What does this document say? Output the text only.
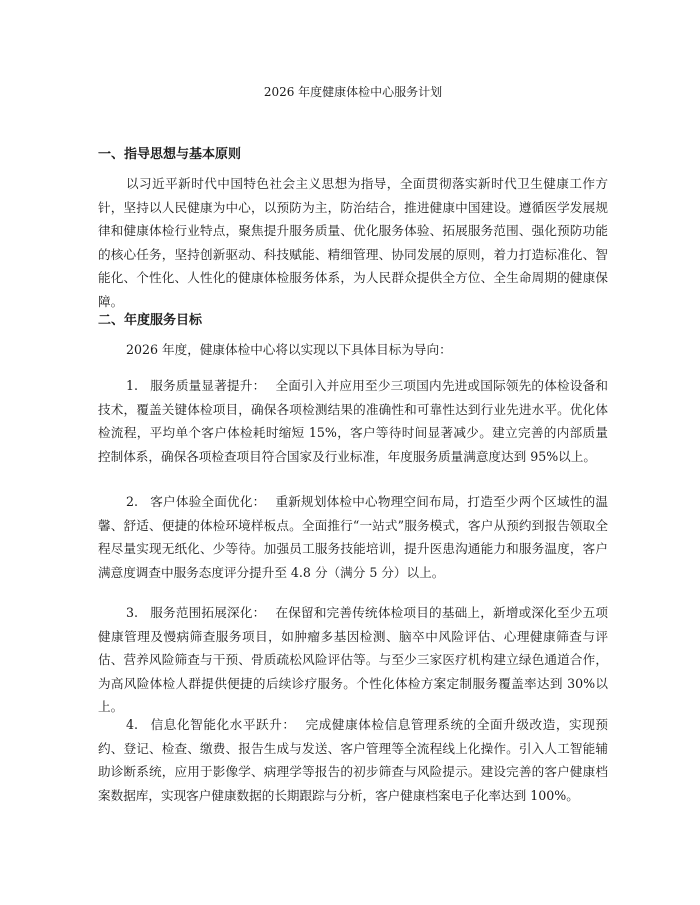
2026 年度健康体检中心服务计划
一、指导思想与基本原则

以习近平新时代中国特色社会主义思想为指导，全面贯彻落实新时代卫生健康工作方针，坚持以人民健康为中心，以预防为主，防治结合，推进健康中国建设。遵循医学发展规律和健康体检行业特点，聚焦提升服务质量、优化服务体验、拓展服务范围、强化预防功能的核心任务，坚持创新驱动、科技赋能、精细管理、协同发展的原则，着力打造标准化、智能化、个性化、人性化的健康体检服务体系，为人民群众提供全方位、全生命周期的健康保障。

二、年度服务目标

2026 年度，健康体检中心将以实现以下具体目标为导向：

1. 服务质量显著提升： 全面引入并应用至少三项国内先进或国际领先的体检设备和技术，覆盖关键体检项目，确保各项检测结果的准确性和可靠性达到行业先进水平。优化体检流程，平均单个客户体检耗时缩短 15%，客户等待时间显著减少。建立完善的内部质量控制体系，确保各项检查项目符合国家及行业标准，年度服务质量满意度达到 95%以上。

2. 客户体验全面优化： 重新规划体检中心物理空间布局，打造至少两个区域性的温馨、舒适、便捷的体检环境样板点。全面推行“一站式”服务模式，客户从预约到报告领取全程尽量实现无纸化、少等待。加强员工服务技能培训，提升医患沟通能力和服务温度，客户满意度调查中服务态度评分提升至 4.8 分（满分 5 分）以上。

3. 服务范围拓展深化： 在保留和完善传统体检项目的基础上，新增或深化至少五项健康管理及慢病筛查服务项目，如肿瘤多基因检测、脑卒中风险评估、心理健康筛查与评估、营养风险筛查与干预、骨质疏松风险评估等。与至少三家医疗机构建立绿色通道合作，为高风险体检人群提供便捷的后续诊疗服务。个性化体检方案定制服务覆盖率达到 30%以上。

4. 信息化智能化水平跃升： 完成健康体检信息管理系统的全面升级改造，实现预约、登记、检查、缴费、报告生成与发送、客户管理等全流程线上化操作。引入人工智能辅助诊断系统，应用于影像学、病理学等报告的初步筛查与风险提示。建设完善的客户健康档案数据库，实现客户健康数据的长期跟踪与分析，客户健康档案电子化率达到 100%。
